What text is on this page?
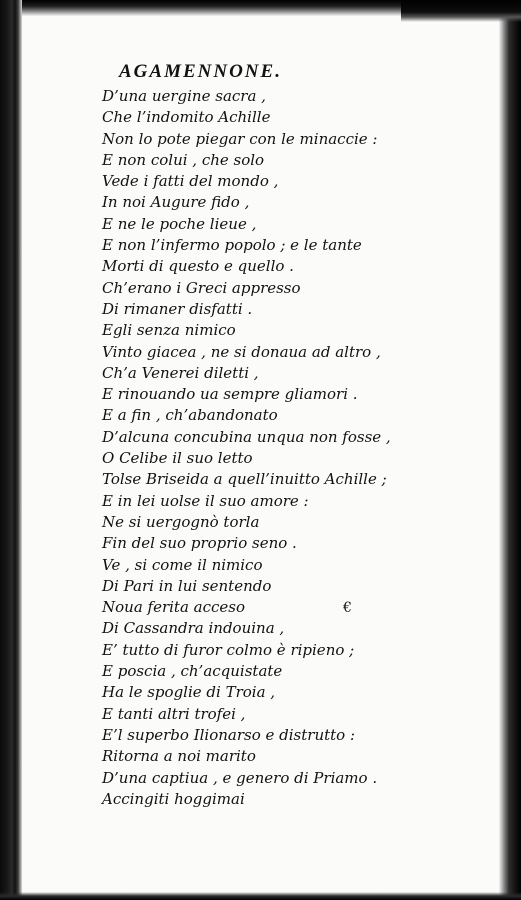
AGAMENNONE.
D’una uergine sacra ,
Che l’indomito Achille
Non lo pote piegar con le minaccie :
E non colui , che solo
Vede i fatti del mondo ,
In noi Augure fido ,
E ne le poche lieue ,
E non l’infermo popolo ; e le tante
Morti di questo e quello .
Ch’erano i Greci appresso
Di rimaner disfatti .
Egli senza nimico
Vinto giacea , ne si donaua ad altro ,
Ch’a Venerei diletti ,
E rinouando ua sempre gliamori .
E a fin , ch’abandonato
D’alcuna concubina unqua non fosse ,
O Celibe il suo letto
Tolse Briseida a quell’inuitto Achille ;
E in lei uolse il suo amore :
Ne si uergognò torla
Fin del suo proprio seno .
Ve , si come il nimico
Di Pari in lui sentendo
Noua ferita acceso
Di Cassandra indouina ,
E’ tutto di furor colmo è ripieno ;
E poscia , ch’acquistate
Ha le spoglie di Troia ,
E tanti altri trofei ,
E’l superbo Ilionarso e distrutto :
Ritorna a noi marito
D’una captiua , e genero di Priamo .
Accingiti hoggimai
€
